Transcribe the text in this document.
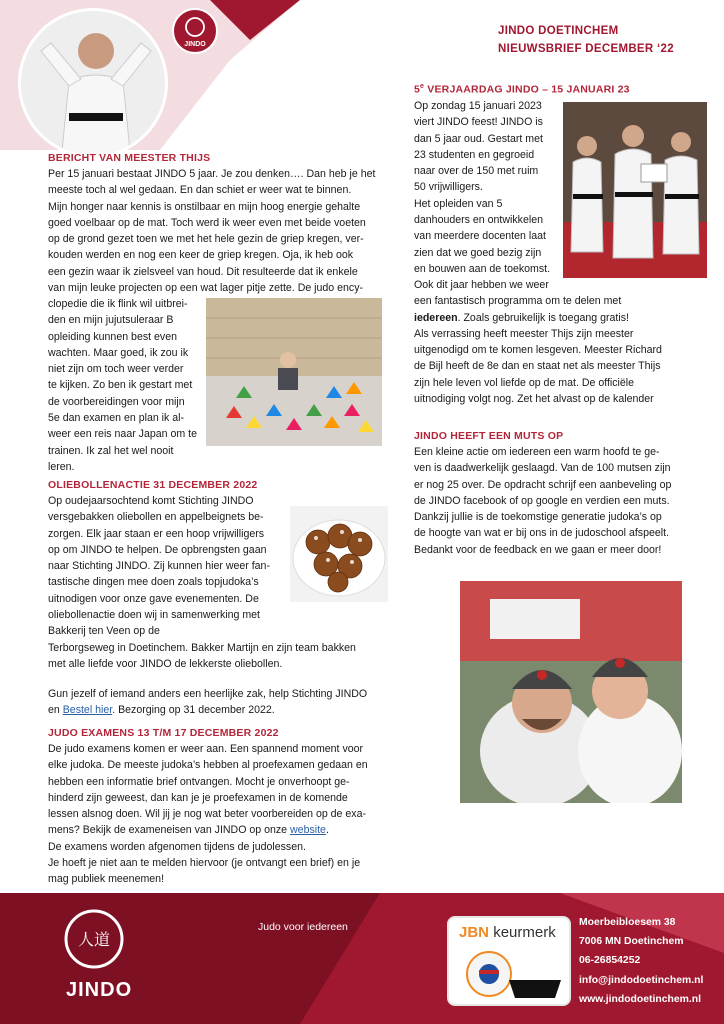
JINDO
JINDO DOETINCHEM
NIEUWSBRIEF DECEMBER ‘22
BERICHT VAN MEESTER THIJS

Per 15 januari bestaat JINDO 5 jaar. Je zou denken…. Dan heb je het

meeste toch al wel gedaan. En dan schiet er weer wat te binnen.

Mijn honger naar kennis is onstilbaar en mijn hoog energie gehalte

goed voelbaar op de mat. Toch werd ik weer even met beide voeten

op de grond gezet toen we met het hele gezin de griep kregen, ver-

kouden werden en nog een keer de griep kregen. Oja, ik heb ook

een gezin waar ik zielsveel van houd. Dit resulteerde dat ik enkele

van mijn leuke projecten op een wat lager pitje zette. De judo ency-

clopedie die ik flink wil uitbrei-

den en mijn jujutsuleraar B

opleiding kunnen best even

wachten. Maar goed, ik zou ik

niet zijn om toch weer verder

te kijken. Zo ben ik gestart met

de voorbereidingen voor mijn

5e dan examen en plan ik al-

weer een reis naar Japan om te

trainen. Ik zal het wel nooit

leren.

OLIEBOLLENACTIE 31 DECEMBER 2022

Op oudejaarsochtend komt Stichting JINDO

versgebakken oliebollen en appelbeignets be-

zorgen. Elk jaar staan er een hoop vrijwilligers

op om JINDO te helpen. De opbrengsten gaan

naar Stichting JINDO. Zij kunnen hier weer fan-

tastische dingen mee doen zoals topjudoka’s

uitnodigen voor onze gave evenementen. De

oliebollenactie doen wij in samenwerking met

Bakkerij ten Veen op de

Terborgseweg in Doetinchem. Bakker Martijn en zijn team bakken

met alle liefde voor JINDO de lekkerste oliebollen.

Gun jezelf of iemand anders een heerlijke zak, help Stichting JINDO

en Bestel hier. Bezorging op 31 december 2022.

JUDO EXAMENS 13 T/M 17 DECEMBER 2022

De judo examens komen er weer aan. Een spannend moment voor

elke judoka. De meeste judoka’s hebben al proefexamen gedaan en

hebben een informatie brief ontvangen. Mocht je onverhoopt ge-

hinderd zijn geweest, dan kan je je proefexamen in de komende

lessen alsnog doen. Wil jij je nog wat beter voorbereiden op de exa-

mens? Bekijk de exameneisen van JINDO op onze website.

De examens worden afgenomen tijdens de judolessen.

Je hoeft je niet aan te melden hiervoor (je ontvangt een brief) en je

mag publiek meenemen!

5e VERJAARDAG JINDO – 15 JANUARI 23

Op zondag 15 januari 2023

viert JINDO feest! JINDO is

dan 5 jaar oud. Gestart met

23 studenten en gegroeid

naar over de 150 met ruim

50 vrijwilligers.

Het opleiden van 5

danhouders en ontwikkelen

van meerdere docenten laat

zien dat we goed bezig zijn

en bouwen aan de toekomst.

Ook dit jaar hebben we weer

een fantastisch programma om te delen met

iedereen. Zoals gebruikelijk is toegang gratis!

Als verrassing heeft meester Thijs zijn meester

uitgenodigd om te komen lesgeven. Meester Richard

de Bijl heeft de 8e dan en staat net als meester Thijs

zijn hele leven vol liefde op de mat. De officiële

uitnodiging volgt nog. Zet het alvast op de kalender

JINDO HEEFT EEN MUTS OP

Een kleine actie om iedereen een warm hoofd te ge-

ven is daadwerkelijk geslaagd. Van de 100 mutsen zijn

er nog 25 over. De opdracht schrijf een aanbeveling op

de JINDO facebook of op google en verdien een muts.

Dankzij jullie is de toekomstige generatie judoka’s op

de hoogte van wat er bij ons in de judoschool afspeelt.

Bedankt voor de feedback en we gaan er meer door!

人道
JINDO
Judo voor iedereen	JBN keurmerk
Moerbeibloesem 38
7006 MN Doetinchem
06-26854252
info@jindodoetinchem.nl
www.jindodoetinchem.nl
